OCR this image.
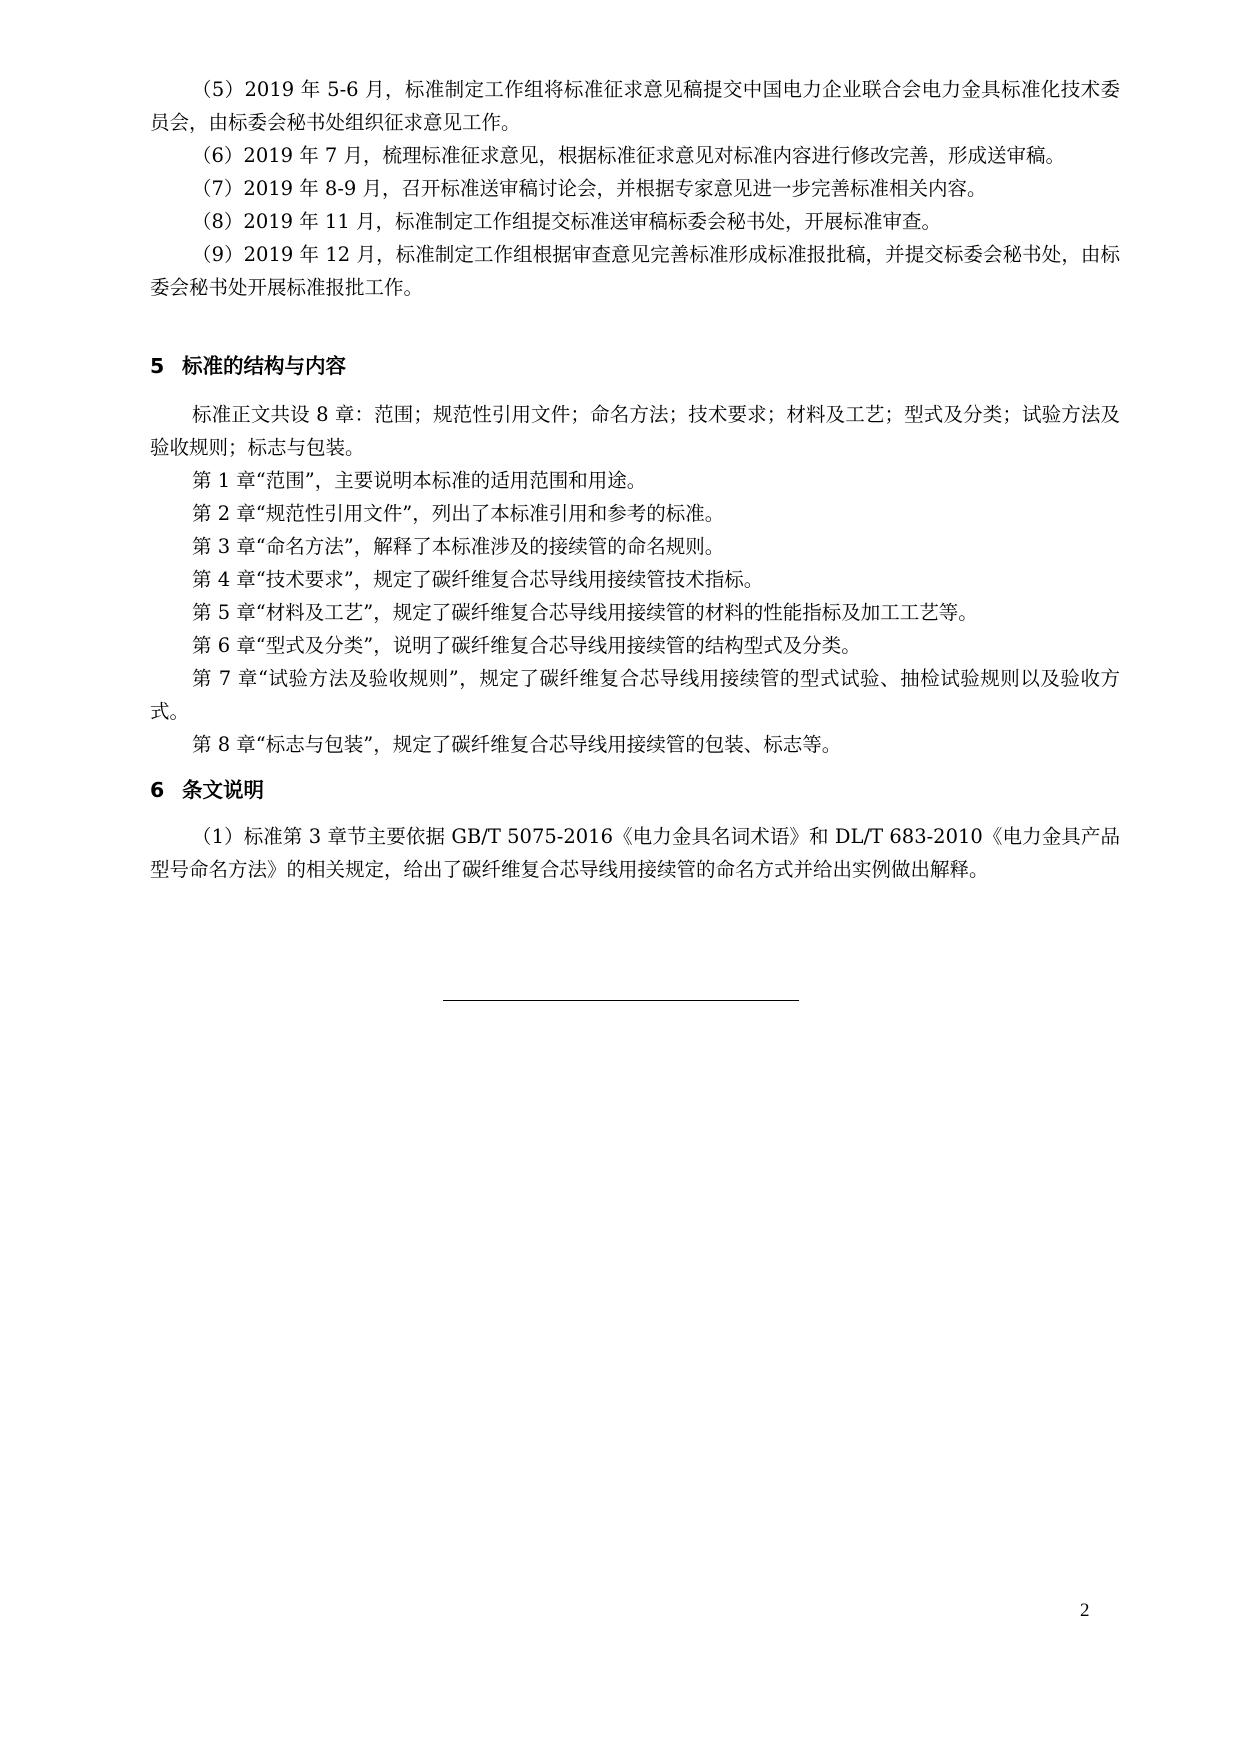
（5）2019 年 5-6 月，标准制定工作组将标准征求意见稿提交中国电力企业联合会电力金具标准化技术委员会，由标委会秘书处组织征求意见工作。

（6）2019 年 7 月，梳理标准征求意见，根据标准征求意见对标准内容进行修改完善，形成送审稿。

（7）2019 年 8-9 月，召开标准送审稿讨论会，并根据专家意见进一步完善标准相关内容。

（8）2019 年 11 月，标准制定工作组提交标准送审稿标委会秘书处，开展标准审查。

（9）2019 年 12 月，标准制定工作组根据审查意见完善标准形成标准报批稿，并提交标委会秘书处，由标委会秘书处开展标准报批工作。

5 标准的结构与内容

标准正文共设 8 章：范围；规范性引用文件；命名方法；技术要求；材料及工艺；型式及分类；试验方法及验收规则；标志与包装。

第 1 章“范围”，主要说明本标准的适用范围和用途。

第 2 章“规范性引用文件”，列出了本标准引用和参考的标准。

第 3 章“命名方法”，解释了本标准涉及的接续管的命名规则。

第 4 章“技术要求”，规定了碳纤维复合芯导线用接续管技术指标。

第 5 章“材料及工艺”，规定了碳纤维复合芯导线用接续管的材料的性能指标及加工工艺等。

第 6 章“型式及分类”，说明了碳纤维复合芯导线用接续管的结构型式及分类。

第 7 章“试验方法及验收规则”，规定了碳纤维复合芯导线用接续管的型式试验、抽检试验规则以及验收方式。

第 8 章“标志与包装”，规定了碳纤维复合芯导线用接续管的包装、标志等。

6 条文说明

（1）标准第 3 章节主要依据 GB/T 5075-2016《电力金具名词术语》和 DL/T 683-2010《电力金具产品型号命名方法》的相关规定，给出了碳纤维复合芯导线用接续管的命名方式并给出实例做出解释。

2
